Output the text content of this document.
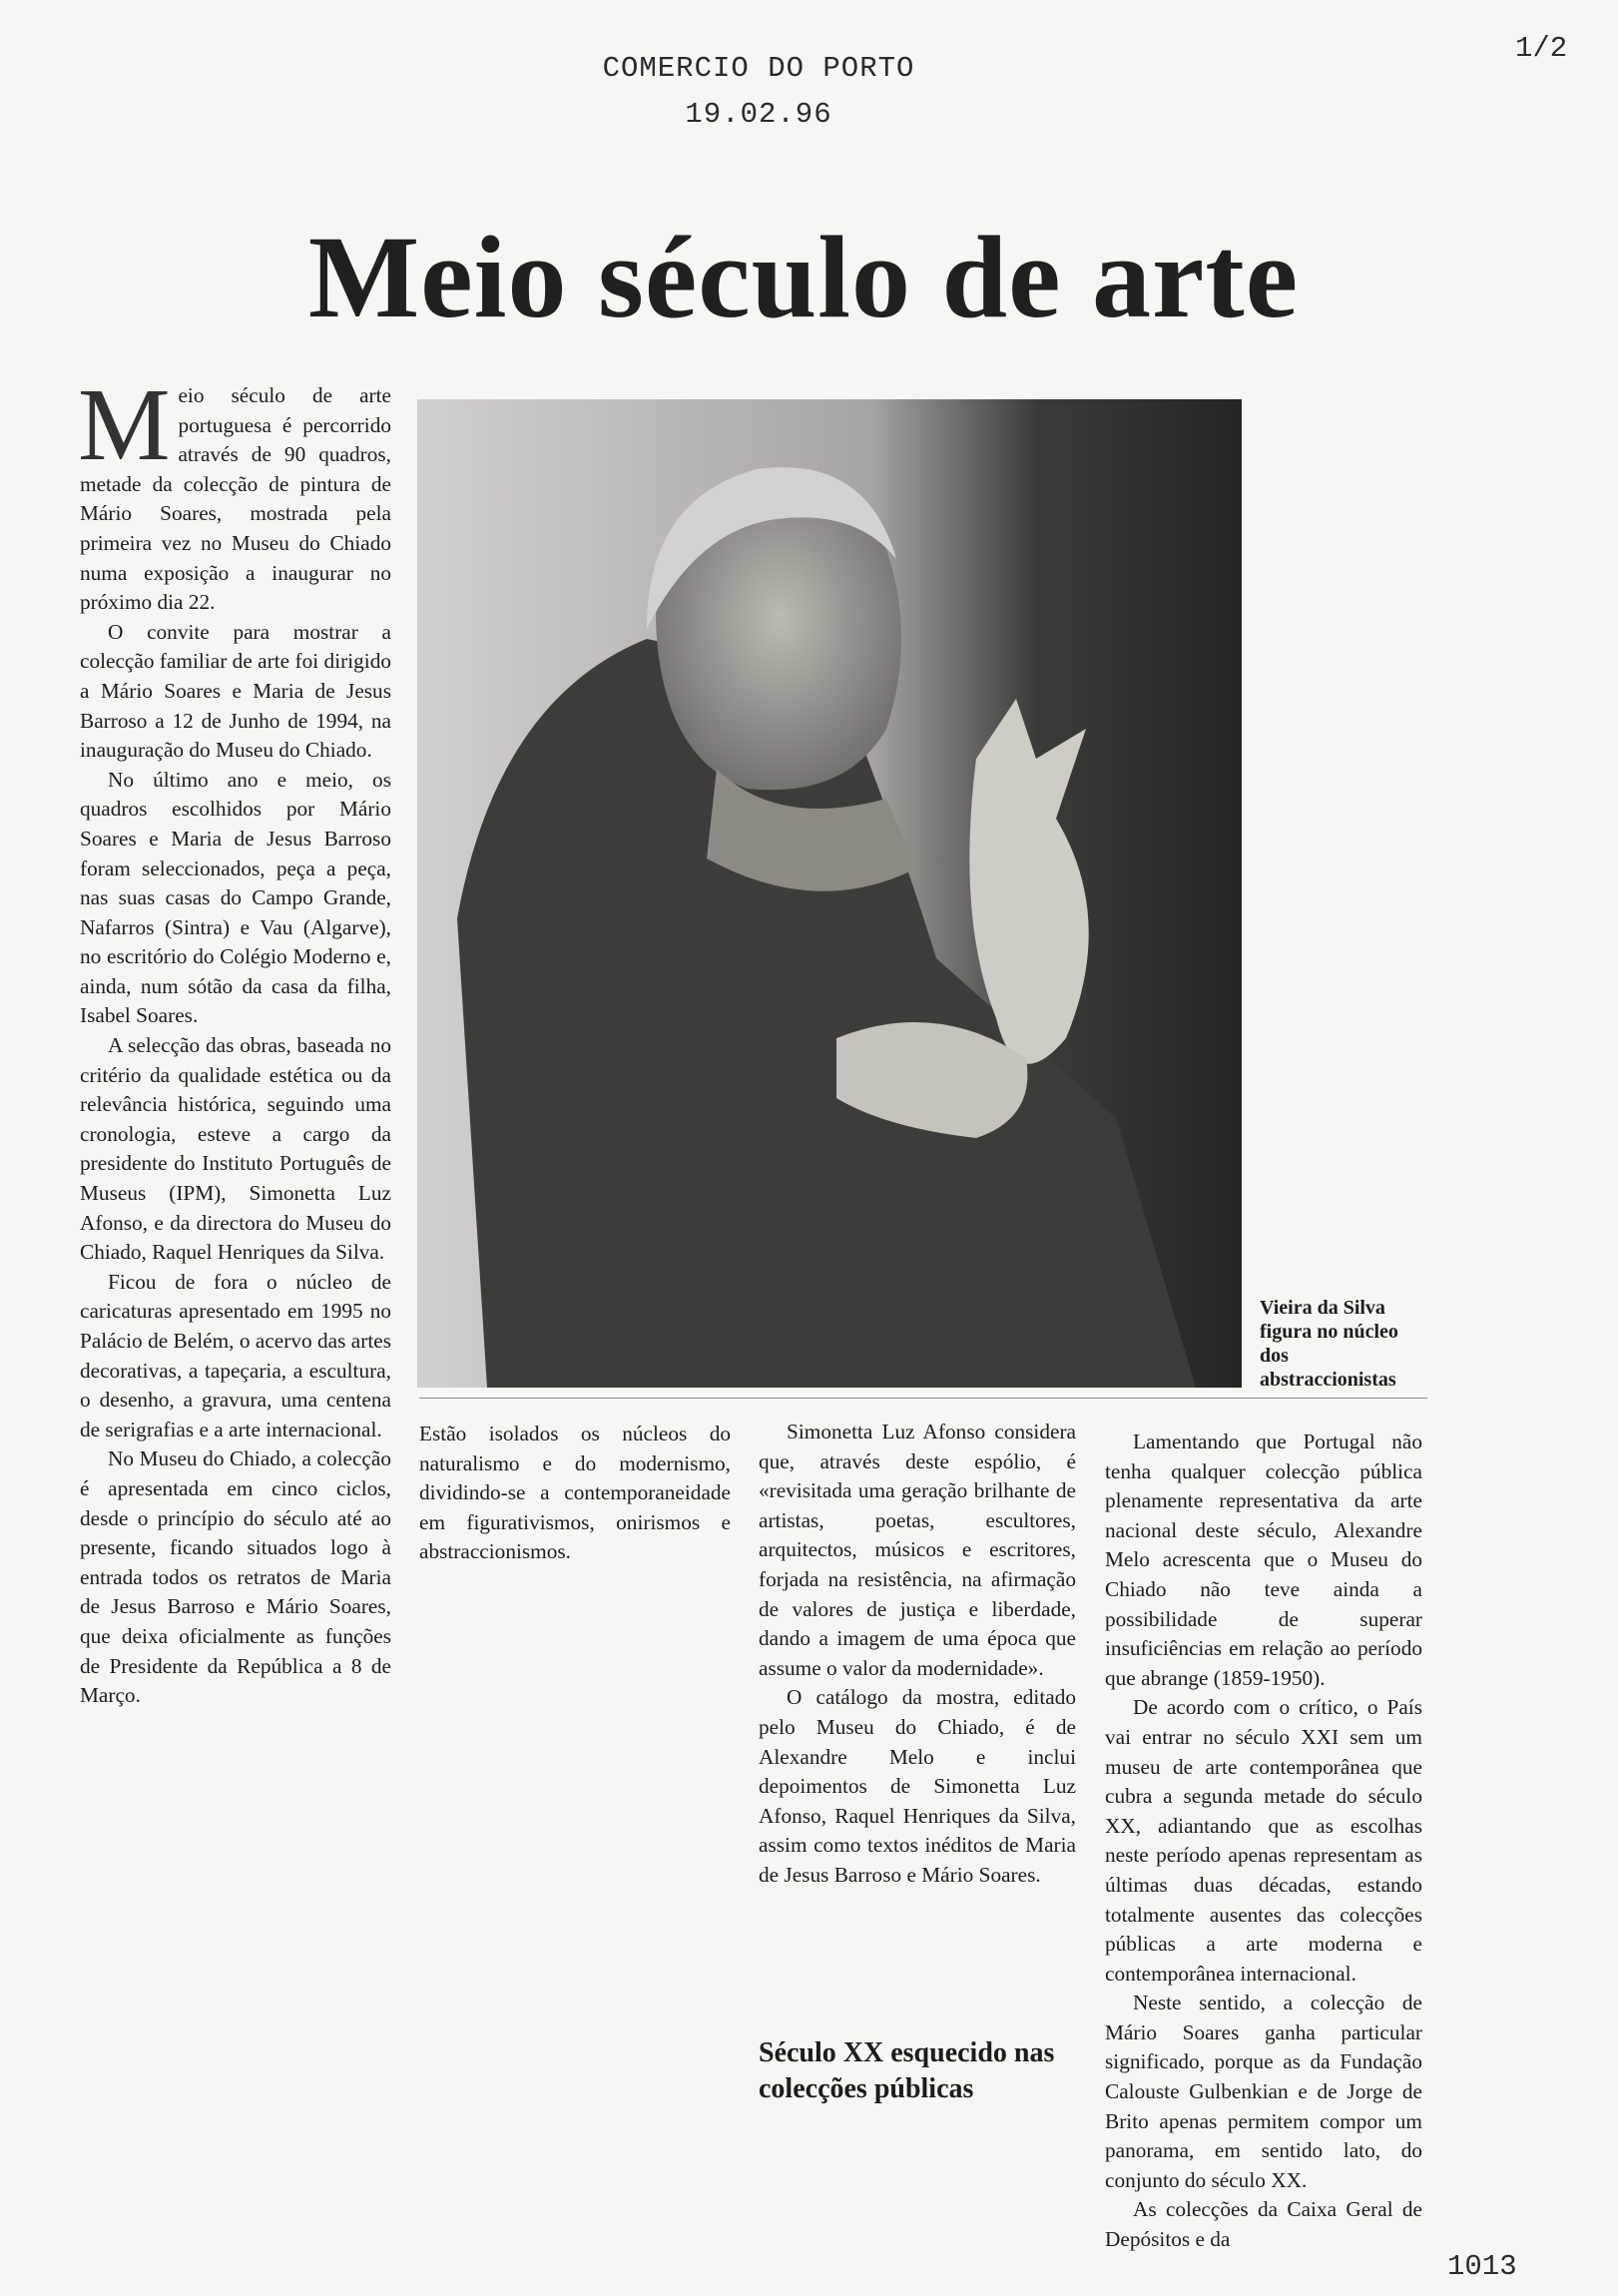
COMERCIO DO PORTO
19.02.96
1/2
Meio século de arte

Meio século de arte portuguesa é percorrido através de 90 quadros, metade da colecção de pintura de Mário Soares, mostrada pela primeira vez no Museu do Chiado numa exposição a inaugurar no próximo dia 22.

O convite para mostrar a colecção familiar de arte foi dirigido a Mário Soares e Maria de Jesus Barroso a 12 de Junho de 1994, na inauguração do Museu do Chiado.

No último ano e meio, os quadros escolhidos por Mário Soares e Maria de Jesus Barroso foram seleccionados, peça a peça, nas suas casas do Campo Grande, Nafarros (Sintra) e Vau (Algarve), no escritório do Colégio Moderno e, ainda, num sótão da casa da filha, Isabel Soares.

A selecção das obras, baseada no critério da qualidade estética ou da relevância histórica, seguindo uma cronologia, esteve a cargo da presidente do Instituto Português de Museus (IPM), Simonetta Luz Afonso, e da directora do Museu do Chiado, Raquel Henriques da Silva.

Ficou de fora o núcleo de caricaturas apresentado em 1995 no Palácio de Belém, o acervo das artes decorativas, a tapeçaria, a escultura, o desenho, a gravura, uma centena de serigrafias e a arte internacional.

No Museu do Chiado, a colecção é apresentada em cinco ciclos, desde o princípio do século até ao presente, ficando situados logo à entrada todos os retratos de Maria de Jesus Barroso e Mário Soares, que deixa oficialmente as funções de Presidente da República a 8 de Março.

Vieira da Silva figura no núcleo dos abstraccionistas

Estão isolados os núcleos do naturalismo e do modernismo, dividindo-se a contemporaneidade em figurativismos, onirismos e abstraccionismos.

Simonetta Luz Afonso considera que, através deste espólio, é «revisitada uma geração brilhante de artistas, poetas, escultores, arquitectos, músicos e escritores, forjada na resistência, na afirmação de valores de justiça e liberdade, dando a imagem de uma época que assume o valor da modernidade».

O catálogo da mostra, editado pelo Museu do Chiado, é de Alexandre Melo e inclui depoimentos de Simonetta Luz Afonso, Raquel Henriques da Silva, assim como textos inéditos de Maria de Jesus Barroso e Mário Soares.

Século XX esquecido nas colecções públicas

Lamentando que Portugal não tenha qualquer colecção pública plenamente representativa da arte nacional deste século, Alexandre Melo acrescenta que o Museu do Chiado não teve ainda a possibilidade de superar insuficiências em relação ao período que abrange (1859-1950).

De acordo com o crítico, o País vai entrar no século XXI sem um museu de arte contemporânea que cubra a segunda metade do século XX, adiantando que as escolhas neste período apenas representam as últimas duas décadas, estando totalmente ausentes das colecções públicas a arte moderna e contemporânea internacional.

Neste sentido, a colecção de Mário Soares ganha particular significado, porque as da Fundação Calouste Gulbenkian e de Jorge de Brito apenas permitem compor um panorama, em sentido lato, do conjunto do século XX.

As colecções da Caixa Geral de Depósitos e da

1013
